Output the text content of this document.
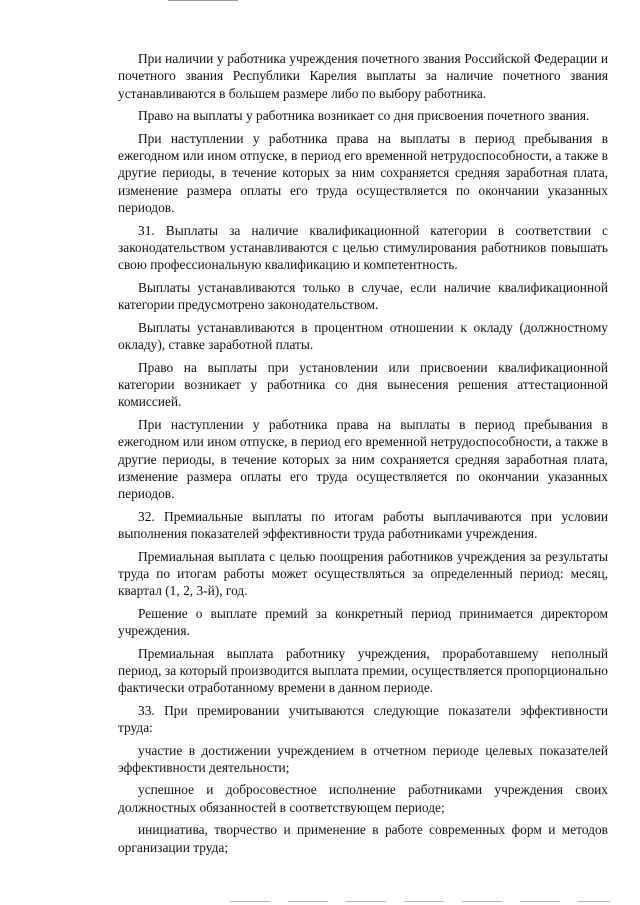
При наличии у работника учреждения почетного звания Российской Федерации и почетного звания Республики Карелия выплаты за наличие почетного звания устанавливаются в большем размере либо по выбору работника.

Право на выплаты у работника возникает со дня присвоения почетного звания.

При наступлении у работника права на выплаты в период пребывания в ежегодном или ином отпуске, в период его временной нетрудоспособности, а также в другие периоды, в течение которых за ним сохраняется средняя заработная плата, изменение размера оплаты его труда осуществляется по окончании указанных периодов.

31. Выплаты за наличие квалификационной категории в соответствии с законодательством устанавливаются с целью стимулирования работников повышать свою профессиональную квалификацию и компетентность.

Выплаты устанавливаются только в случае, если наличие квалификационной категории предусмотрено законодательством.

Выплаты устанавливаются в процентном отношении к окладу (должностному окладу), ставке заработной платы.

Право на выплаты при установлении или присвоении квалификационной категории возникает у работника со дня вынесения решения аттестационной комиссией.

При наступлении у работника права на выплаты в период пребывания в ежегодном или ином отпуске, в период его временной нетрудоспособности, а также в другие периоды, в течение которых за ним сохраняется средняя заработная плата, изменение размера оплаты его труда осуществляется по окончании указанных периодов.

32. Премиальные выплаты по итогам работы выплачиваются при условии выполнения показателей эффективности труда работниками учреждения.

Премиальная выплата с целью поощрения работников учреждения за результаты труда по итогам работы может осуществляться за определенный период: месяц, квартал (1, 2, 3-й), год.

Решение о выплате премий за конкретный период принимается директором учреждения.

Премиальная выплата работнику учреждения, проработавшему неполный период, за который производится выплата премии, осуществляется пропорционально фактически отработанному времени в данном периоде.

33. При премировании учитываются следующие показатели эффективности труда:

участие в достижении учреждением в отчетном периоде целевых показателей эффективности деятельности;

успешное и добросовестное исполнение работниками учреждения своих должностных обязанностей в соответствующем периоде;

инициатива, творчество и применение в работе современных форм и методов организации труда;
